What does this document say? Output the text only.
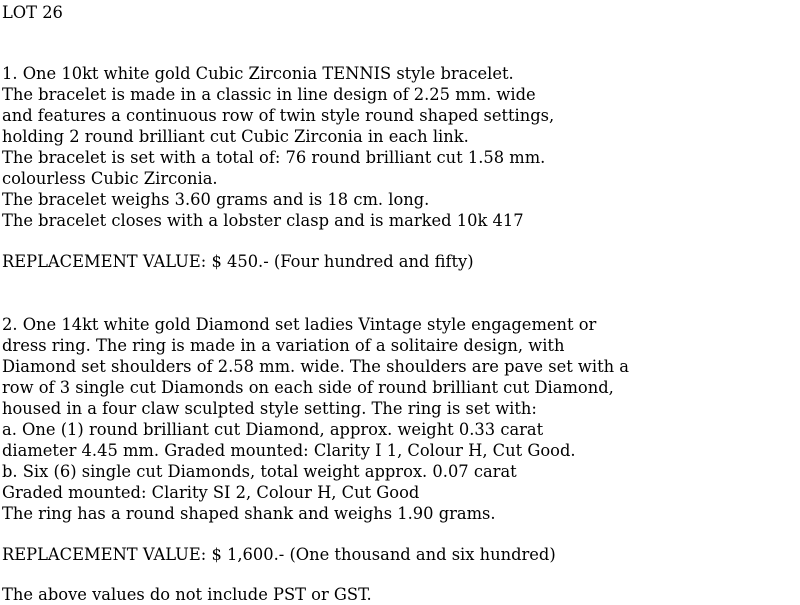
LOT 26
1. One 10kt white gold Cubic Zirconia TENNIS style bracelet.
The bracelet is made in a classic in line design of 2.25 mm. wide
and features a continuous row of twin style round shaped settings,
holding 2 round brilliant cut Cubic Zirconia in each link.
The bracelet is set with a total of: 76 round brilliant cut 1.58 mm.
colourless Cubic Zirconia.
The bracelet weighs 3.60 grams and is 18 cm. long.
The bracelet closes with a lobster clasp and is marked 10k 417
REPLACEMENT VALUE: $ 450.- (Four hundred and fifty)
2. One 14kt white gold Diamond set ladies Vintage style engagement or
dress ring. The ring is made in a variation of a solitaire design, with
Diamond set shoulders of 2.58 mm. wide. The shoulders are pave set with a
row of 3 single cut Diamonds on each side of round brilliant cut Diamond,
housed in a four claw sculpted style setting. The ring is set with:
a. One (1) round brilliant cut Diamond, approx. weight 0.33 carat
diameter 4.45 mm. Graded mounted: Clarity I 1, Colour H, Cut Good.
b. Six (6) single cut Diamonds, total weight approx. 0.07 carat
Graded mounted: Clarity SI 2, Colour H, Cut Good
The ring has a round shaped shank and weighs 1.90 grams.
REPLACEMENT VALUE: $ 1,600.- (One thousand and six hundred)
The above values do not include PST or GST.
